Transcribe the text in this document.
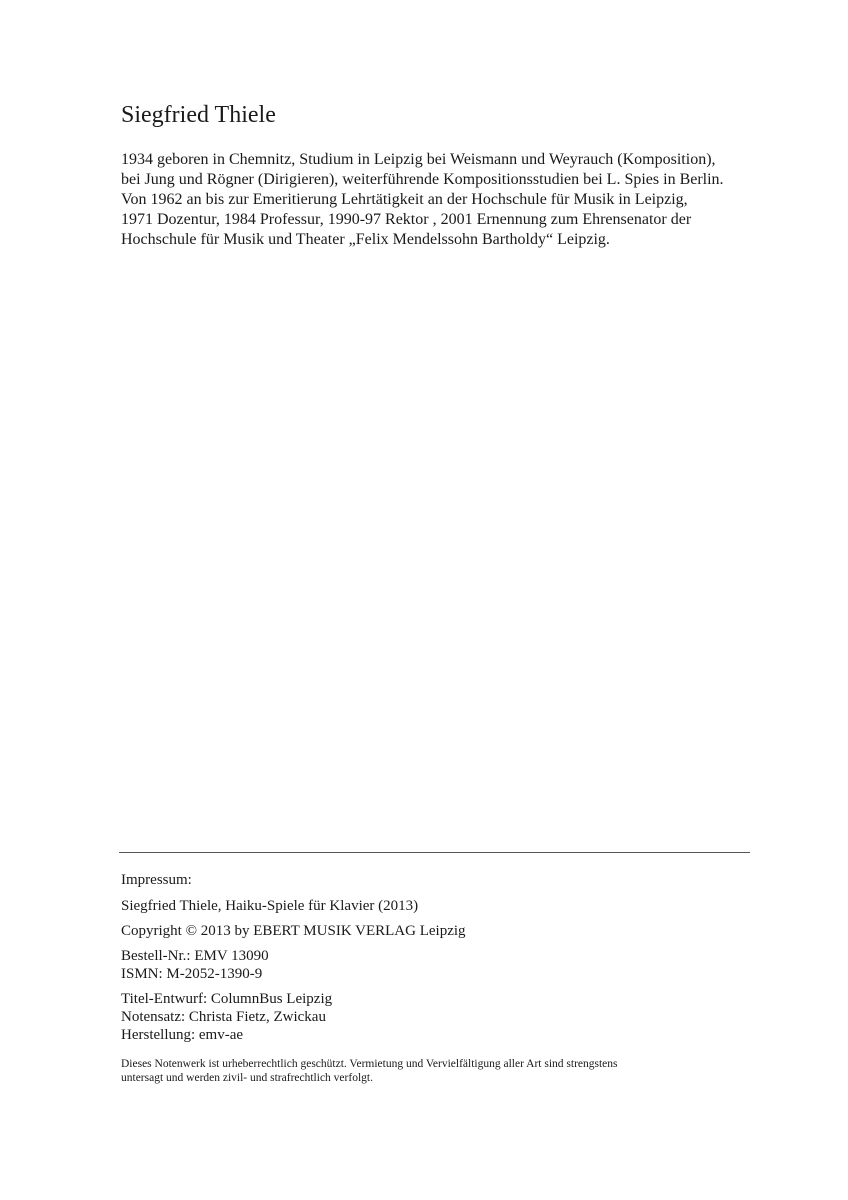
Siegfried Thiele
1934 geboren in Chemnitz, Studium in Leipzig bei Weismann und Weyrauch (Komposition),
bei Jung und Rögner (Dirigieren), weiterführende Kompositionsstudien bei L. Spies in Berlin.
Von 1962 an bis zur Emeritierung Lehrtätigkeit an der Hochschule für Musik in Leipzig,
1971 Dozentur, 1984 Professur, 1990-97 Rektor , 2001 Ernennung zum Ehrensenator der
Hochschule für Musik und Theater „Felix Mendelssohn Bartholdy“ Leipzig.
Impressum:
Siegfried Thiele, Haiku-Spiele für Klavier (2013)
Copyright © 2013 by EBERT MUSIK VERLAG Leipzig
Bestell-Nr.: EMV 13090
ISMN: M-2052-1390-9
Titel-Entwurf: ColumnBus Leipzig
Notensatz: Christa Fietz, Zwickau
Herstellung: emv-ae
Dieses Notenwerk ist urheberrechtlich geschützt. Vermietung und Vervielfältigung aller Art sind strengstens
untersagt und werden zivil- und strafrechtlich verfolgt.
